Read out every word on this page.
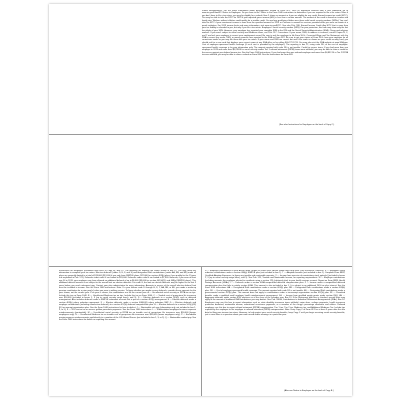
Future developments. For the latest information about developments related to Form W-2, such as legislation enacted after it was published, go to www.irs.gov/FormW2. Notice to Employee: Do you have to file? Refer to the Form 1040 instructions to determine if you are required to file a tax return. Even if you don't have to file a tax return, you may be eligible for a refund if box 2 shows an amount or if you are eligible for any credit. Earned income tax credit (EITC). You may be able to take the EITC for 2019 if your adjusted gross income (AGI) is less than a certain amount. The amount of the credit is based on income and family size. Workers without children could qualify for a smaller credit. You and any qualifying children must have valid social security numbers (SSNs). You can't take the EITC if your investment income is more than the specified amount for 2019 or if income is earned for services provided while you were an inmate at a penal institution. For 2019 income limits and more information, visit www.irs.gov/EITC. See also Pub. 596, Earned Income Credit. Any EITC that is more than your tax liability is refunded to you, but only if you file a tax return. Employee's social security number (SSN). For your protection, this form may show only the last four digits of your SSN. However, your employer has reported your complete SSN to the IRS and the Social Security Administration (SSA). Clergy and religious workers. If you aren't subject to social security and Medicare taxes, see Pub. 517. Corrections. If your name, SSN, or address is incorrect, correct Copies B, C, and 2 and ask your employer to correct your employment record. Be sure to ask the employer to file Form W-2c, Corrected Wage and Tax Statement, with the SSA to correct any name, SSN, or money amount error reported to the SSA on Form W-2. Be sure to get your copies of Form W-2c from your employer for all corrections made so you may file them with your tax return. If your name and SSN are correct but aren't the same as shown on your social security card, you should ask for a new card that displays your correct name at any SSA office or by calling 800-772-1213. You may also visit the SSA website at www.SSA.gov. Cost of employer-sponsored health coverage (if such cost is provided by the employer). The reporting in box 12, using code DD, of the cost of employer-sponsored health coverage is for your information only. The amount reported with code DD is not taxable. Credit for excess taxes. If you had more than one employer in 2019 and more than $8,239.80 in social security and/or Tier 1 railroad retirement (RRTA) taxes were withheld, you may be able to claim a credit for the excess against your federal income tax. See the Form 1040 instructions. If you had more than one railroad employer and more than $4,832.10 in Tier 2 RRTA tax was withheld, you may be able to claim a refund on Form 843. See the Instructions for Form 843.
(See also Instructions for Employee on the back of Copy C.)
Instructions for Employee (continued from back of Copy B). Box 12. The following list explains the codes shown in box 12. You may need this information to complete your tax return. Elective deferrals (codes D, E, F, and S) and designated Roth contributions (codes AA, BB, and EE) under all plans are generally limited to a total of $19,000 ($13,000 if you only have SIMPLE plans; $22,000 for section 403(b) plans if you qualify for the 15-year rule explained in Pub. 571). Deferrals under code G are limited to $19,000. Deferrals under code H are limited to $7,000. However, if you were at least age 50 in 2019, your employer may have allowed an additional deferral of up to $6,000 ($3,000 for section 401(k)(11) and 408(p) SIMPLE plans). This additional deferral amount is not subject to the overall limit on elective deferrals. For code G, the limit on elective deferrals may be higher for the last 3 years before you reach retirement age. Contact your plan administrator for more information. Amounts in excess of the overall elective deferral limit must be included in income. See the Form 1040 instructions. Note: If a year follows code D through H, S, Y, AA, BB, or EE, you made a make-up pension contribution for a prior year(s) when you were in military service. To figure whether you made excess deferrals, consider these amounts for the year shown, not the current year. If no year is shown, the contributions are for the current year. A — Uncollected social security or RRTA tax on tips. Include this tax on Form 1040. B — Uncollected Medicare tax on tips. Include this tax on Form 1040. C — Taxable cost of group-term life insurance over $50,000 (included in boxes 1, 3 (up to social security wage base), and 5). D — Elective deferrals to a section 401(k) cash or deferred arrangement. Also includes deferrals under a SIMPLE retirement account that is part of a section 401(k) arrangement. E — Elective deferrals under a section 403(b) salary reduction agreement. F — Elective deferrals under a section 408(k)(6) salary reduction SEP. G — Elective deferrals and employer contributions (including nonelective deferrals) to a section 457(b) deferred compensation plan. H — Elective deferrals to a section 501(c)(18)(D) tax-exempt organization plan. See the Form 1040 instructions for how to deduct. J — Nontaxable sick pay (information only, not included in box 1, 3, or 5). K — 20% excise tax on excess golden parachute payments. See the Form 1040 instructions. L — Substantiated employee business expense reimbursements (nontaxable). M — Uncollected social security or RRTA tax on taxable cost of group-term life insurance over $50,000 (former employees only). N — Uncollected Medicare tax on taxable cost of group-term life insurance over $50,000 (former employees only). P — Excludable moving expense reimbursements paid directly to a member of the U.S. Armed Forces (not included in box 1, 3, or 5). Q — Nontaxable combat pay. See the Form 1040 instructions for details on reporting this amount.
R — Employer contributions to your Archer MSA. Report on Form 8853, Archer MSAs and Long-Term Care Insurance Contracts. S — Employee salary reduction contributions under a section 408(p) SIMPLE plan (not included in box 1). T — Adoption benefits (not included in box 1). Complete Form 8839, Qualified Adoption Expenses, to figure any taxable and nontaxable amounts. V — Income from exercise of nonstatutory stock option(s) (included in boxes 1, 3 (up to social security wage base), and 5). See Pub. 525, Taxable and Nontaxable Income, for reporting requirements. W — Employer contributions (including amounts the employee elected to contribute using a section 125 (cafeteria) plan) to your health savings account. Report on Form 8889, Health Savings Accounts (HSAs). Y — Deferrals under a section 409A nonqualified deferred compensation plan. Z — Income under a nonqualified deferred compensation plan that fails to satisfy section 409A. This amount is also included in box 1. It is subject to an additional 20% tax plus interest. See the Form 1040 instructions. AA — Designated Roth contributions under a section 401(k) plan. BB — Designated Roth contributions under a section 403(b) plan. DD — Cost of employer-sponsored health coverage. The amount reported with code DD is not taxable. EE — Designated Roth contributions under a governmental section 457(b) plan. This amount does not apply to contributions under a tax-exempt organization section 457(b) plan. FF — Permitted benefits under a qualified small employer health reimbursement arrangement. GG — Income from qualified equity grants under section 83(i). HH — Aggregate deferrals under section 83(i) elections as of the close of the calendar year. Box 13. If the Retirement plan box is checked, special limits may apply to the amount of traditional IRA contributions you may deduct. See Pub. 590-A, Contributions to Individual Retirement Arrangements (IRAs). Box 14. Employers may use this box to report information such as state disability insurance taxes withheld, union dues, uniform payments, health insurance premiums deducted, nontaxable income, educational assistance payments, or a member of the clergy's parsonage allowance and utilities. Railroad employers use this box to report railroad retirement (RRTA) compensation, Tier 1 tax, Tier 2 tax, Medicare tax, and Additional Medicare Tax. Include tips reported by the employee to the employer in railroad retirement (RRTA) compensation. Note: Keep Copy C of Form W-2 for at least 3 years after the due date for filing your income tax return. However, to help protect your social security benefits, keep Copy C until you begin receiving social security benefits, just in case there is a question about your work record and/or earnings in a particular year.
(Also see Notice to Employee on the back of Copy B.)
